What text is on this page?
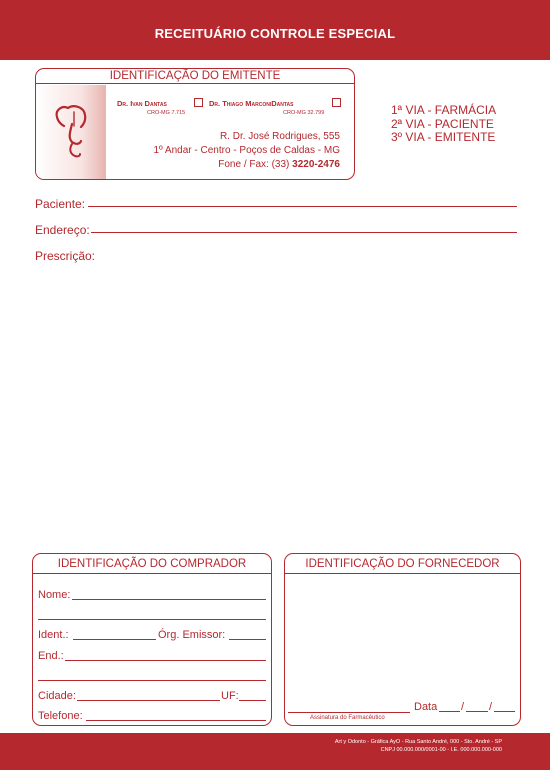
RECEITUÁRIO CONTROLE ESPECIAL
IDENTIFICAÇÃO DO EMITENTE
Dr. Ivan Dantas	Dr. Thiago MarconiDantas
CRO-MG 7.715	CRO-MG 32.799
R. Dr. José Rodrigues, 555
1º Andar - Centro - Poços de Caldas - MG
Fone / Fax: (33) 3220-2476
1ª VIA - FARMÁCIA
2ª VIA - PACIENTE
3º VIA - EMITENTE
Paciente:
Endereço:
Prescrição:
IDENTIFICAÇÃO DO COMPRADOR
Nome:
Ident.:	Órg. Emissor:
End.:
Cidade:	UF:
Telefone:
IDENTIFICAÇÃO DO FORNECEDOR
Assinatura do Farmacêutico
Data / /
Art y Odonto - Gráfica AyO - Rua Santo André, 000 - Sto. André - SP
CNPJ 00.000.000/0001-00 - I.E. 000.000.000-000
